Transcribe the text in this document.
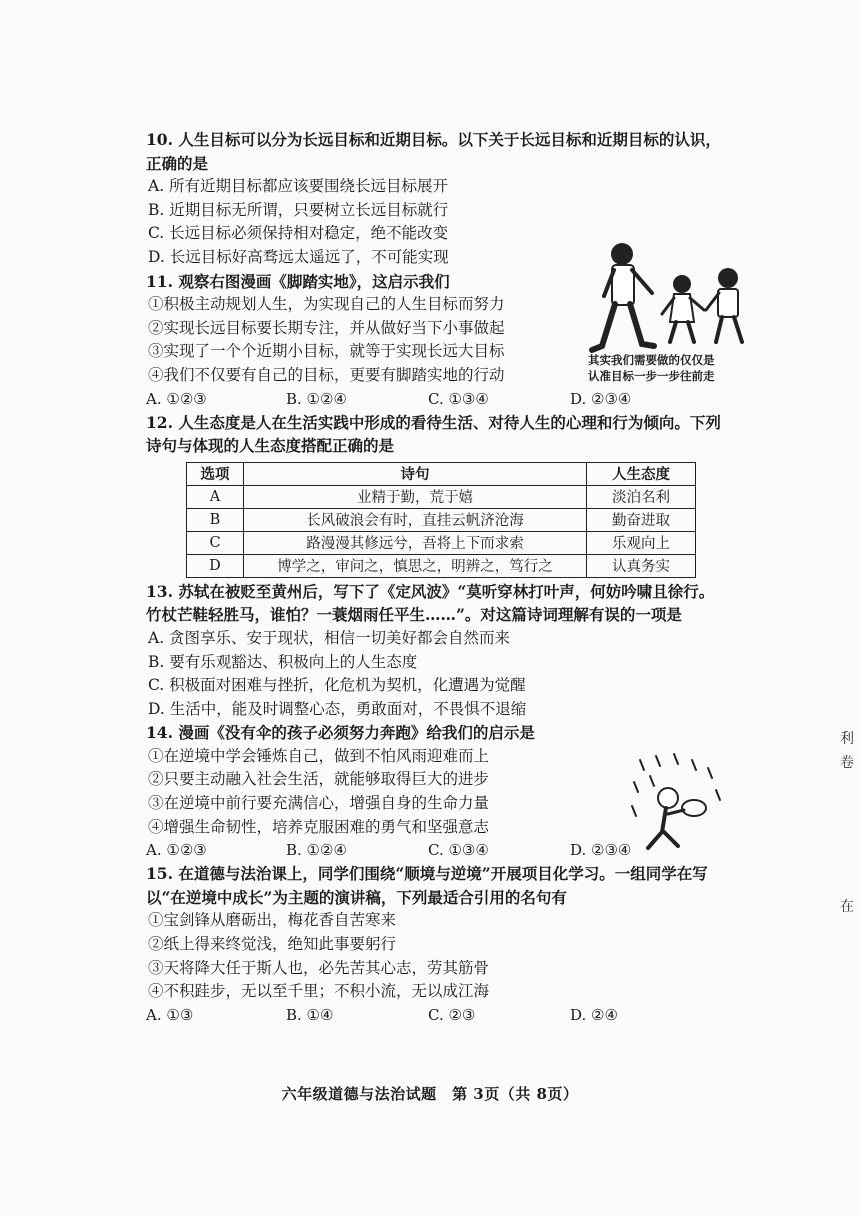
10. 人生目标可以分为长远目标和近期目标。以下关于长远目标和近期目标的认识，
正确的是
A. 所有近期目标都应该要围绕长远目标展开
B. 近期目标无所谓，只要树立长远目标就行
C. 长远目标必须保持相对稳定，绝不能改变
D. 长远目标好高骛远太遥远了，不可能实现
11. 观察右图漫画《脚踏实地》，这启示我们
①积极主动规划人生，为实现自己的人生目标而努力
②实现长远目标要长期专注，并从做好当下小事做起
③实现了一个个近期小目标，就等于实现长远大目标
④我们不仅要有自己的目标，更要有脚踏实地的行动
A. ①②③	B. ①②④	C. ①③④	D. ②③④
12. 人生态度是人在生活实践中形成的看待生活、对待人生的心理和行为倾向。下列
诗句与体现的人生态度搭配正确的是
选项	诗句	人生态度
A	业精于勤，荒于嬉	淡泊名利
B	长风破浪会有时，直挂云帆济沧海	勤奋进取
C	路漫漫其修远兮，吾将上下而求索	乐观向上
D	博学之，审问之，慎思之，明辨之，笃行之	认真务实
13. 苏轼在被贬至黄州后，写下了《定风波》“莫听穿林打叶声，何妨吟啸且徐行。
竹杖芒鞋轻胜马，谁怕？一蓑烟雨任平生……”。对这篇诗词理解有误的一项是
A. 贪图享乐、安于现状，相信一切美好都会自然而来
B. 要有乐观豁达、积极向上的人生态度
C. 积极面对困难与挫折，化危机为契机，化遭遇为觉醒
D. 生活中，能及时调整心态，勇敢面对，不畏惧不退缩
14. 漫画《没有伞的孩子必须努力奔跑》给我们的启示是
①在逆境中学会锤炼自己，做到不怕风雨迎难而上
②只要主动融入社会生活，就能够取得巨大的进步
③在逆境中前行要充满信心，增强自身的生命力量
④增强生命韧性，培养克服困难的勇气和坚强意志
A. ①②③	B. ①②④	C. ①③④	D. ②③④
15. 在道德与法治课上，同学们围绕“顺境与逆境”开展项目化学习。一组同学在写
以“在逆境中成长”为主题的演讲稿，下列最适合引用的名句有
①宝剑锋从磨砺出，梅花香自苦寒来
②纸上得来终觉浅，绝知此事要躬行
③天将降大任于斯人也，必先苦其心志，劳其筋骨
④不积跬步，无以至千里；不积小流，无以成江海
A. ①③	B. ①④	C. ②③	D. ②④
其实我们需要做的仅仅是
认准目标一步一步往前走
利
卷
在
六年级道德与法治试题　第 3页（共 8页）
